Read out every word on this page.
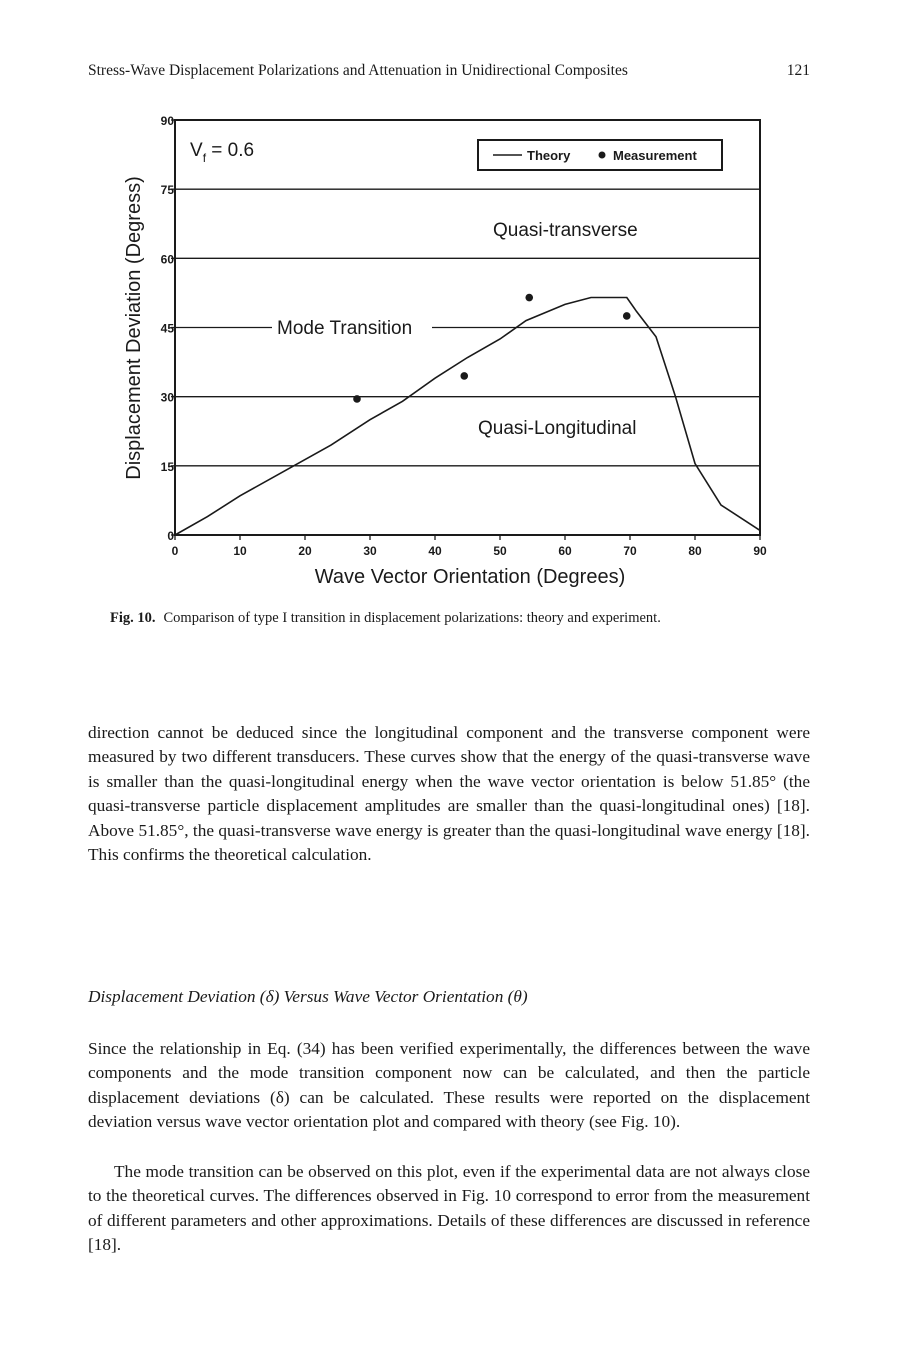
Stress-Wave Displacement Polarizations and Attenuation in Unidirectional Composites	121
0	10	20	30	40	50	60	70	80	90
0
15
30
45
60
75
90
Wave Vector Orientation (Degrees)
Displacement Deviation (Degress)
$V_f = 0.6$	Theory	Measurement
Mode Transition
Quasi-transverse
Quasi-Longitudinal
Fig. 10. Comparison of type I transition in displacement polarizations: theory and experiment.

direction cannot be deduced since the longitudinal component and the transverse component were measured by two different transducers. These curves show that the energy of the quasi-transverse wave is smaller than the quasi-longitudinal energy when the wave vector orientation is below 51.85° (the quasi-transverse particle displacement amplitudes are smaller than the quasi-longitudinal ones) [18]. Above 51.85°, the quasi-transverse wave energy is greater than the quasi-longitudinal wave energy [18]. This confirms the theoretical calculation.

Displacement Deviation (δ) Versus Wave Vector Orientation (θ)

Since the relationship in Eq. (34) has been verified experimentally, the differences between the wave components and the mode transition component now can be calculated, and then the particle displacement deviations (δ) can be calculated. These results were reported on the displacement deviation versus wave vector orientation plot and compared with theory (see Fig. 10).

The mode transition can be observed on this plot, even if the experimental data are not always close to the theoretical curves. The differences observed in Fig. 10 correspond to error from the measurement of different parameters and other approximations. Details of these differences are discussed in reference [18].
